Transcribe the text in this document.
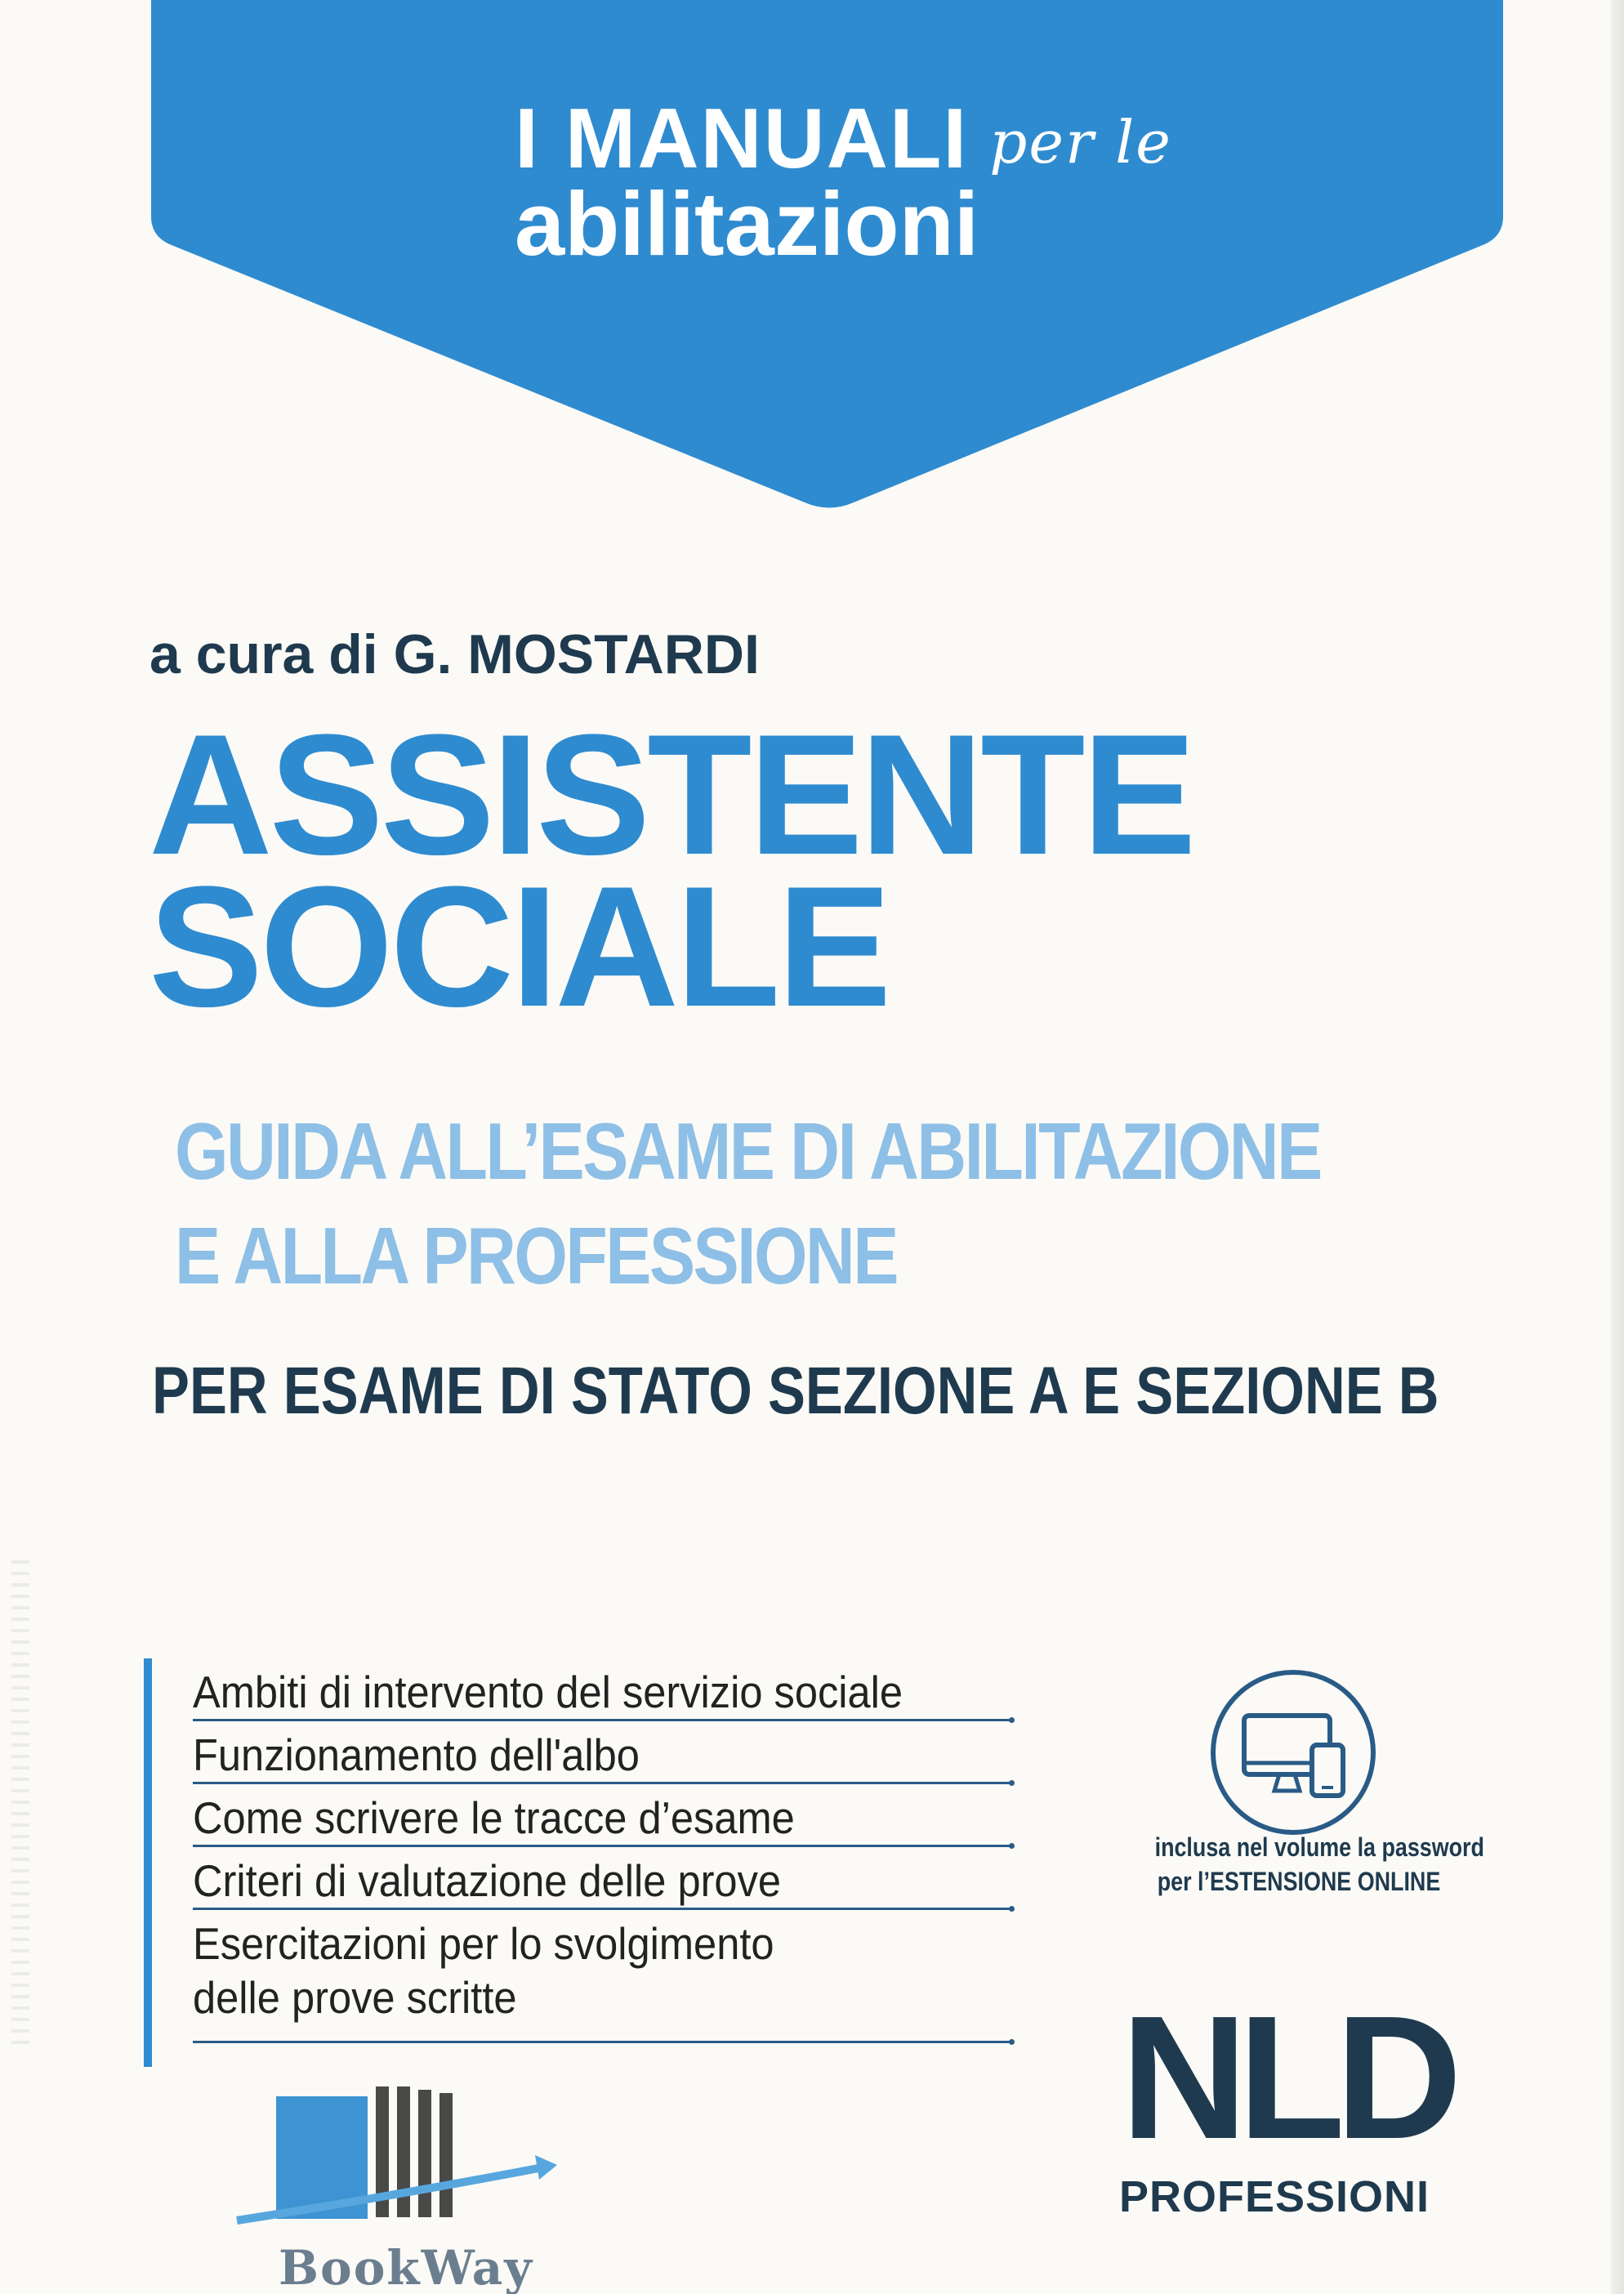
I MANUALI per le
abilitazioni
a cura di G. MOSTARDI
ASSISTENTE
SOCIALE
GUIDA ALL’ESAME DI ABILITAZIONE
E ALLA PROFESSIONE
PER ESAME DI STATO SEZIONE A E SEZIONE B
Ambiti di intervento del servizio sociale
Funzionamento dell'albo
Come scrivere le tracce d’esame
Criteri di valutazione delle prove
Esercitazioni per lo svolgimento
delle prove scritte
inclusa nel volume la password
per l’ESTENSIONE ONLINE
NLD
PROFESSIONI
BookWay
